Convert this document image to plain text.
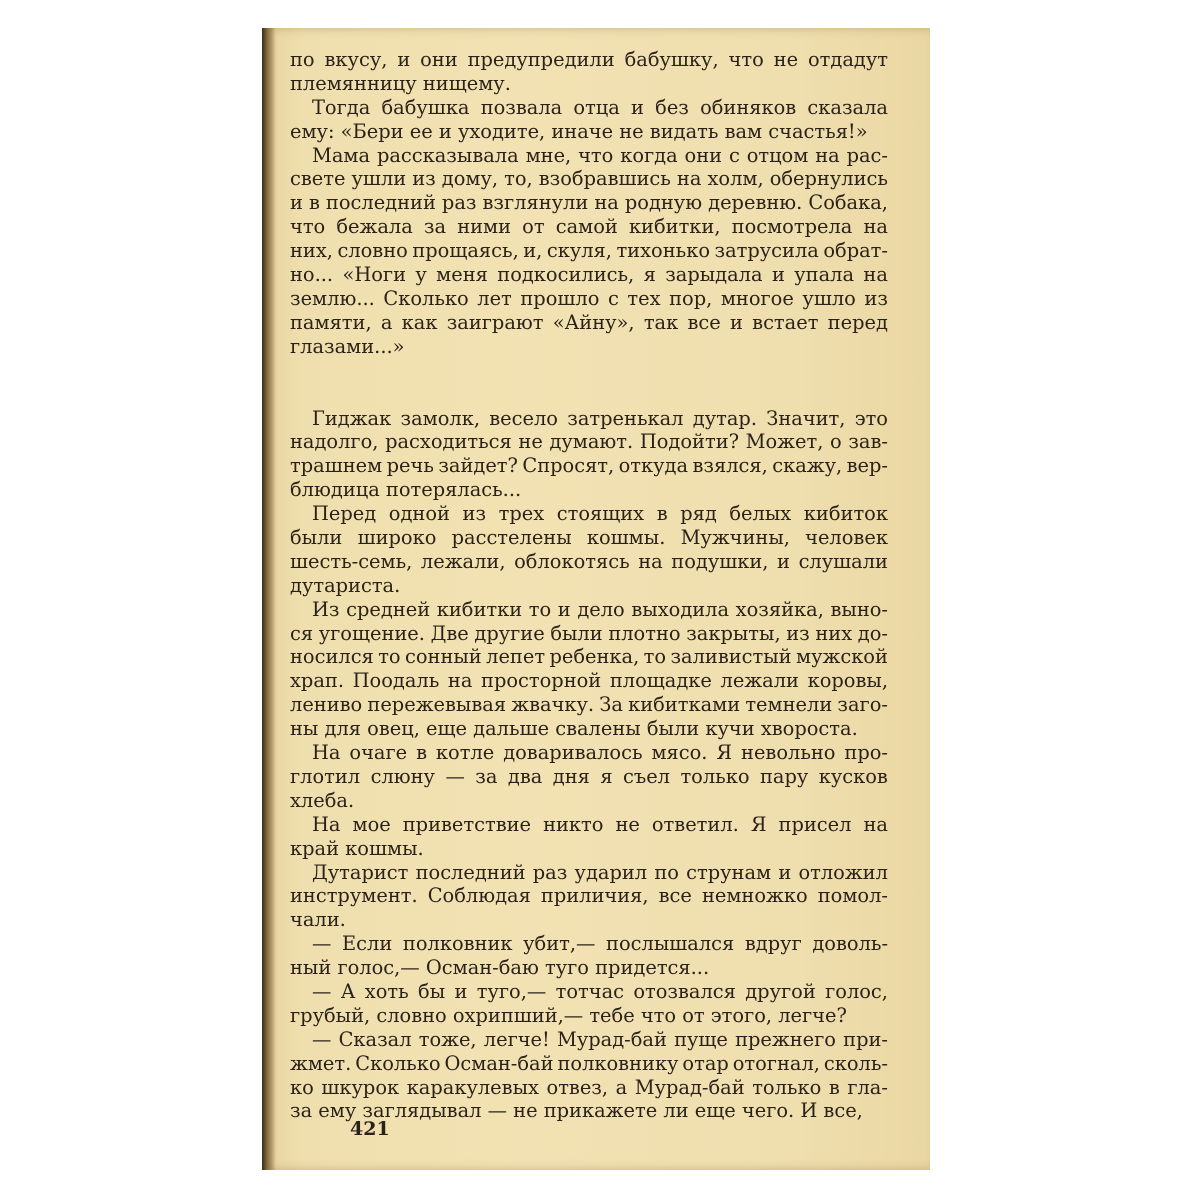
по вкусу, и они предупредили бабушку, что не отдадут
племянницу нищему.
Тогда бабушка позвала отца и без обиняков сказала
ему: «Бери ее и уходите, иначе не видать вам счастья!»
Мама рассказывала мне, что когда они с отцом на рас-
свете ушли из дому, то, взобравшись на холм, обернулись
и в последний раз взглянули на родную деревню. Собака,
что бежала за ними от самой кибитки, посмотрела на
них, словно прощаясь, и, скуля, тихонько затрусила обрат-
но... «Ноги у меня подкосились, я зарыдала и упала на
землю... Сколько лет прошло с тех пор, многое ушло из
памяти, а как заиграют «Айну», так все и встает перед
глазами...»
Гиджак замолк, весело затренькал дутар. Значит, это
надолго, расходиться не думают. Подойти? Может, о зав-
трашнем речь зайдет? Спросят, откуда взялся, скажу, вер-
блюдица потерялась...
Перед одной из трех стоящих в ряд белых кибиток
были широко расстелены кошмы. Мужчины, человек
шесть-семь, лежали, облокотясь на подушки, и слушали
дутариста.
Из средней кибитки то и дело выходила хозяйка, выно-
ся угощение. Две другие были плотно закрыты, из них до-
носился то сонный лепет ребенка, то заливистый мужской
храп. Поодаль на просторной площадке лежали коровы,
лениво пережевывая жвачку. За кибитками темнели заго-
ны для овец, еще дальше свалены были кучи хвороста.
На очаге в котле доваривалось мясо. Я невольно про-
глотил слюну — за два дня я съел только пару кусков
хлеба.
На мое приветствие никто не ответил. Я присел на
край кошмы.
Дутарист последний раз ударил по струнам и отложил
инструмент. Соблюдая приличия, все немножко помол-
чали.
— Если полковник убит,— послышался вдруг доволь-
ный голос,— Осман-баю туго придется...
— А хоть бы и туго,— тотчас отозвался другой голос,
грубый, словно охрипший,— тебе что от этого, легче?
— Сказал тоже, легче! Мурад-бай пуще прежнего при-
жмет. Сколько Осман-бай полковнику отар отогнал, сколь-
ко шкурок каракулевых отвез, а Мурад-бай только в гла-
за ему заглядывал — не прикажете ли еще чего. И все,
421
